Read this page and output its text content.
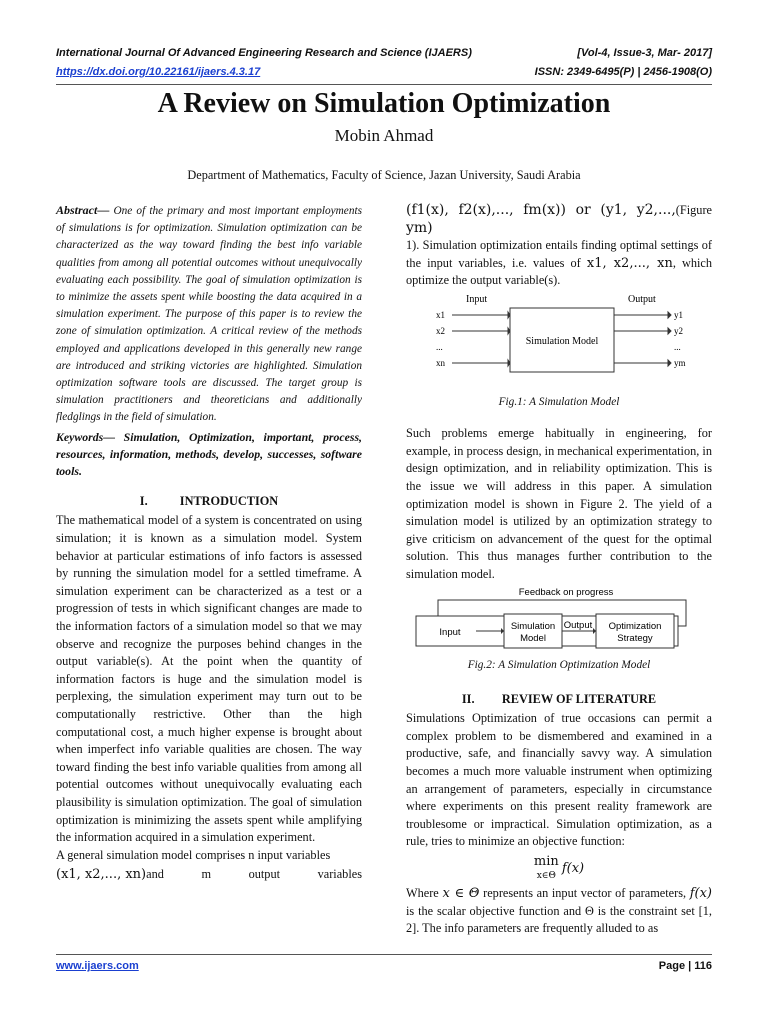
International Journal Of Advanced Engineering Research and Science (IJAERS)	[Vol-4, Issue-3, Mar- 2017]
https://dx.doi.org/10.22161/ijaers.4.3.17	ISSN: 2349-6495(P) | 2456-1908(O)
A Review on Simulation Optimization
Mobin Ahmad
Department of Mathematics, Faculty of Science, Jazan University, Saudi Arabia

Abstract— One of the primary and most important employments of simulations is for optimization. Simulation optimization can be characterized as the way toward finding the best info variable qualities from among all potential outcomes without unequivocally evaluating each possibility. The goal of simulation optimization is to minimize the assets spent while boosting the data acquired in a simulation experiment. The purpose of this paper is to review the zone of simulation optimization. A critical review of the methods employed and applications developed in this generally new range are introduced and striking victories are highlighted. Simulation optimization software tools are discussed. The target group is simulation practitioners and theoreticians and additionally fledglings in the field of simulation.

Keywords— Simulation, Optimization, important, process, resources, information, methods, develop, successes, software tools.

I.	INTRODUCTION

The mathematical model of a system is concentrated on using simulation; it is known as a simulation model. System behavior at particular estimations of info factors is assessed by running the simulation model for a settled timeframe. A simulation experiment can be characterized as a test or a progression of tests in which significant changes are made to the information factors of a simulation model so that we may observe and recognize the purposes behind changes in the output variable(s). At the point when the quantity of information factors is huge and the simulation model is perplexing, the simulation experiment may turn out to be computationally restrictive. Other than the high computational cost, a much higher expense is brought about when imperfect info variable qualities are chosen. The way toward finding the best info variable qualities from among all potential outcomes without unequivocally evaluating each plausibility is simulation optimization. The goal of simulation optimization is minimizing the assets spent while amplifying the information acquired in a simulation experiment.

A general simulation model comprises n input variables

(x1, x2,..., xn)and	m	output	variables
(f1(x), f2(x),..., fm(x)) or (y1, y2,..., ym)
(Figure

1). Simulation optimization entails finding optimal settings of the input variables, i.e. values of x1, x2,..., xn, which optimize the output variable(s).

Input	Output
Simulation Model
x1
x2
...
xn
y1
y2
...
ym
Fig.1: A Simulation Model

Such problems emerge habitually in engineering, for example, in process design, in mechanical experimentation, in design optimization, and in reliability optimization. This is the issue we will address in this paper. A simulation optimization model is shown in Figure 2. The yield of a simulation model is utilized by an optimization strategy to give criticism on advancement of the quest for the optimal solution. This thus manages further contribution to the simulation model.

Feedback on progress
Input
Simulation
Model
Output Optimization
Strategy
Fig.2: A Simulation Optimization Model
II. REVIEW OF LITERATURE

Simulations Optimization of true occasions can permit a complex problem to be dismembered and examined in a productive, safe, and financially savvy way. A simulation becomes a much more valuable instrument when optimizing an arrangement of parameters, especially in circumstance where experiments on this present reality framework are troublesome or impractical. Simulation optimization, as a rule, tries to minimize an objective function:

min
x∈Θ f(x)

Where x ∈ Θ represents an input vector of parameters, f(x) is the scalar objective function and Θ is the constraint set [1, 2]. The info parameters are frequently alluded to as

www.ijaers.com	Page | 116
